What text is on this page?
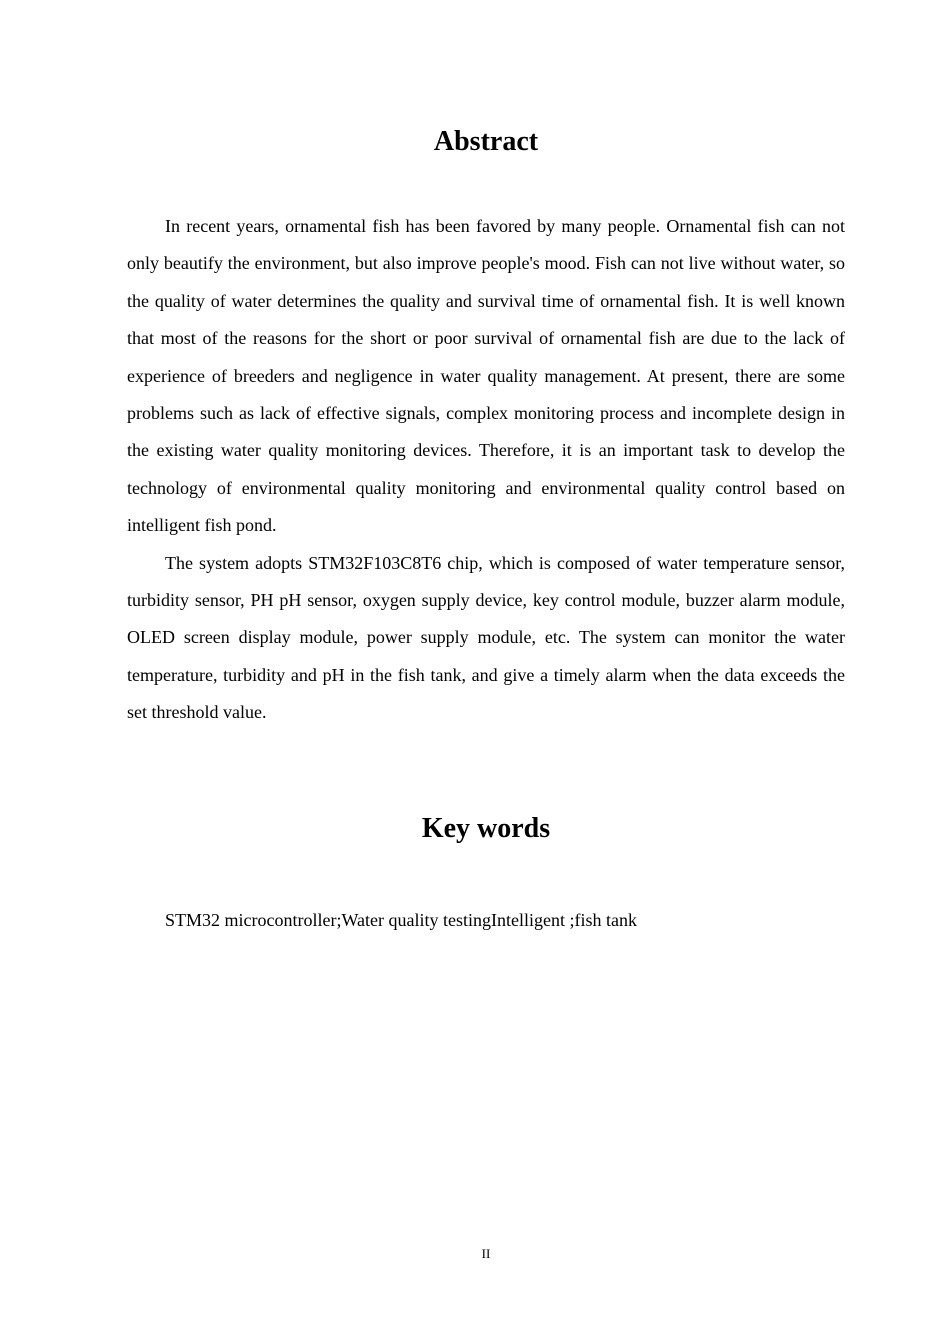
Abstract

In recent years, ornamental fish has been favored by many people. Ornamental fish can not only beautify the environment, but also improve people's mood. Fish can not live without water, so the quality of water determines the quality and survival time of ornamental fish. It is well known that most of the reasons for the short or poor survival of ornamental fish are due to the lack of experience of breeders and negligence in water quality management. At present, there are some problems such as lack of effective signals, complex monitoring process and incomplete design in the existing water quality monitoring devices. Therefore, it is an important task to develop the technology of environmental quality monitoring and environmental quality control based on intelligent fish pond.

The system adopts STM32F103C8T6 chip, which is composed of water temperature sensor, turbidity sensor, PH pH sensor, oxygen supply device, key control module, buzzer alarm module, OLED screen display module, power supply module, etc. The system can monitor the water temperature, turbidity and pH in the fish tank, and give a timely alarm when the data exceeds the set threshold value.

Key words

STM32 microcontroller;Water quality testingIntelligent ;fish tank

II
